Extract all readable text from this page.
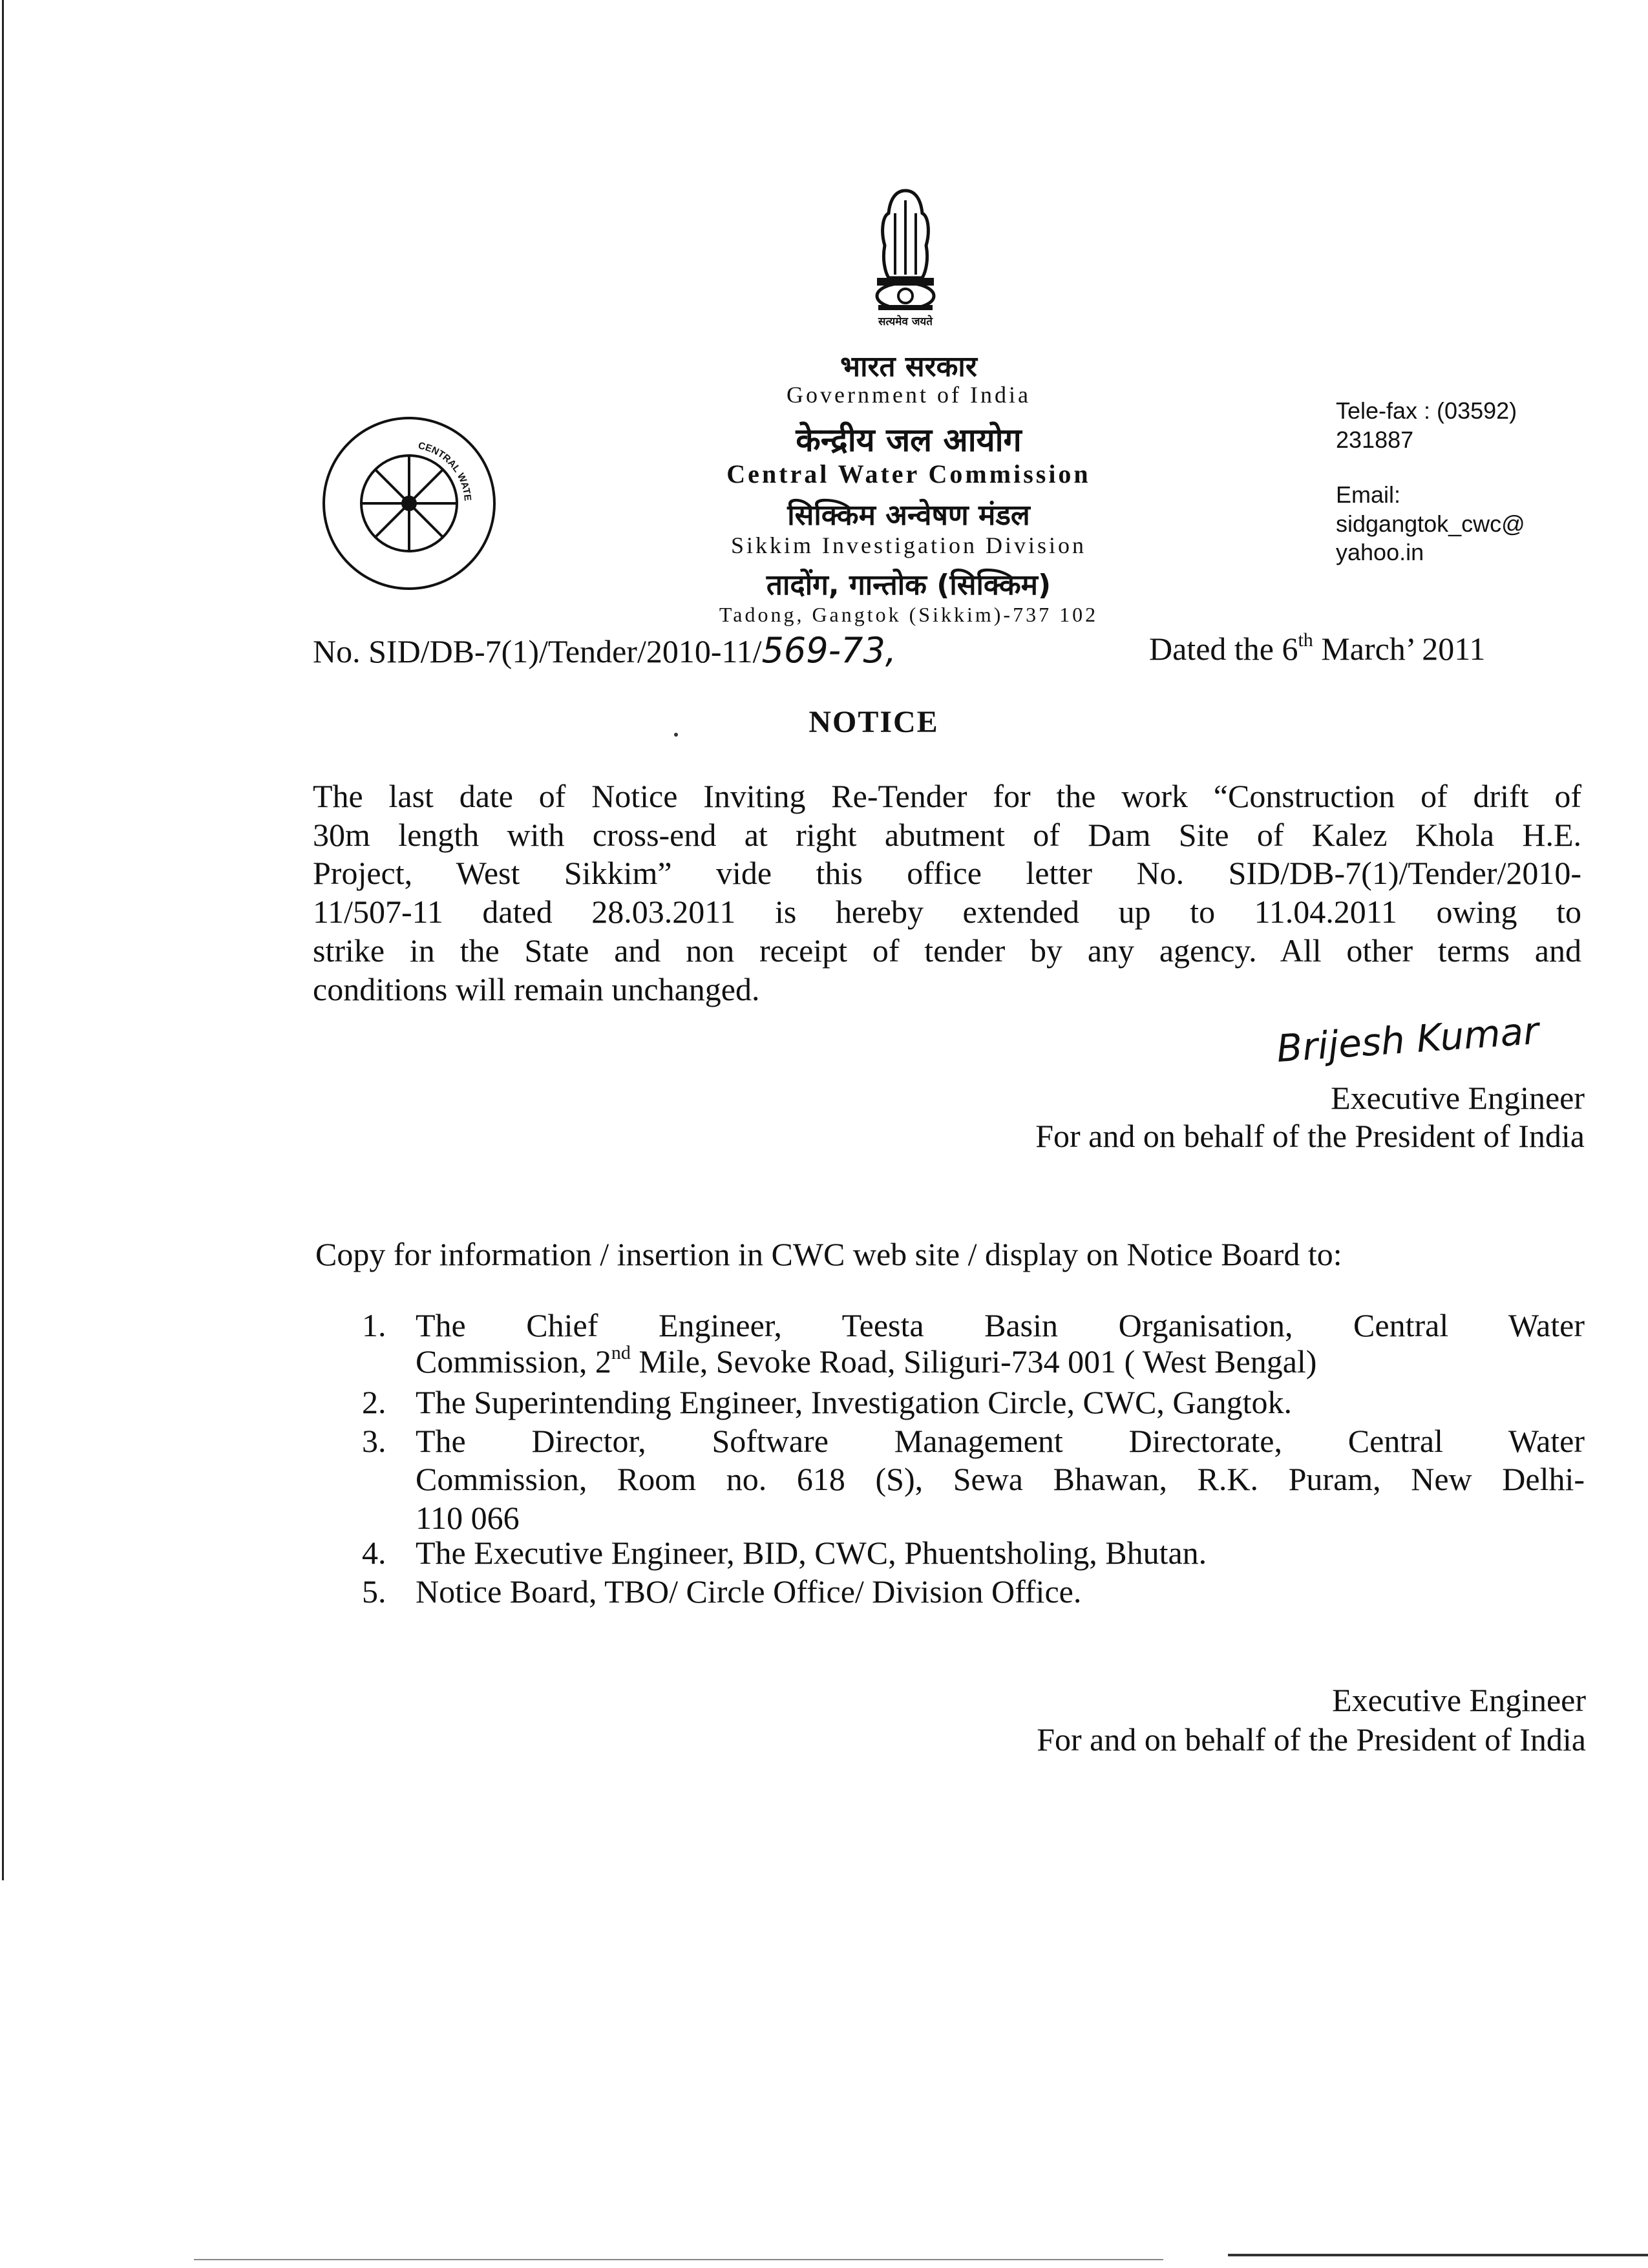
सत्यमेव जयते
CENTRAL WATE
भारत सरकार
Government of India
केन्द्रीय जल आयोग
Central Water Commission
सिक्किम अन्वेषण मंडल
Sikkim Investigation Division
तादोंग, गान्तोक (सिक्किम)
Tadong, Gangtok (Sikkim)-737 102
Tele-fax : (03592)
231887
Email:
sidgangtok_cwc@
yahoo.in
No. SID/DB-7(1)/Tender/2010-11/569-73,	Dated the 6th March’ 2011
NOTICE
The last date of Notice Inviting Re-Tender for the work “Construction of drift of
30m length with cross-end at right abutment of Dam Site of Kalez Khola H.E.
Project, West Sikkim” vide this office letter No. SID/DB-7(1)/Tender/2010-
11/507-11 dated 28.03.2011 is hereby extended up to 11.04.2011 owing to
strike in the State and non receipt of tender by any agency. All other terms and
conditions will remain unchanged.
Brijesh Kumar
Executive Engineer
For and on behalf of the President of India
Copy for information / insertion in CWC web site / display on Notice Board to:
1. The Chief Engineer, Teesta Basin Organisation, Central Water
Commission, 2nd Mile, Sevoke Road, Siliguri-734 001 ( West Bengal)
2. The Superintending Engineer, Investigation Circle, CWC, Gangtok.
3. The Director, Software Management Directorate, Central Water
Commission, Room no. 618 (S), Sewa Bhawan, R.K. Puram, New Delhi-
110 066
4. The Executive Engineer, BID, CWC, Phuentsholing, Bhutan.
5. Notice Board, TBO/ Circle Office/ Division Office.
Executive Engineer
For and on behalf of the President of India
